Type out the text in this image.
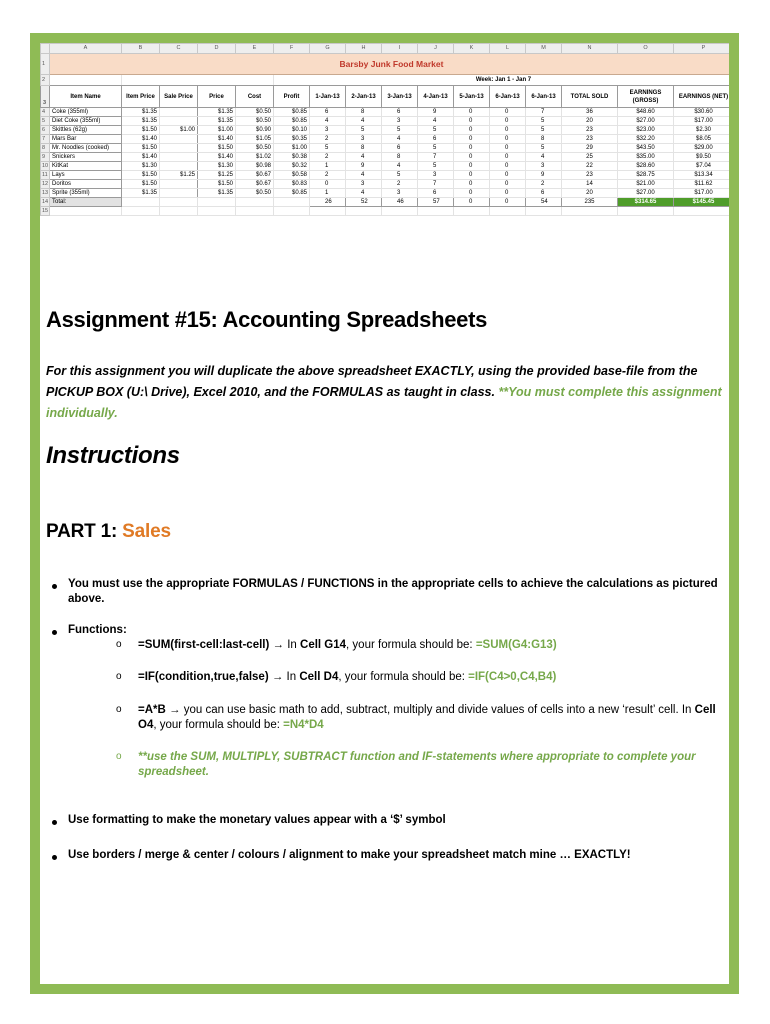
	A	B	C	D	E	F	G	H	I	J	K	L	M	N	O	P
1	Barsby Junk Food Market															
2						Week: Jan 1 - Jan 7										
3	Item Name	Item Price	Sale Price	Price	Cost	Profit	1-Jan-13	2-Jan-13	3-Jan-13	4-Jan-13	5-Jan-13	6-Jan-13	6-Jan-13	TOTAL SOLD	EARNINGS (GROSS)	EARNINGS (NET)
4	Coke (355ml)	$1.35		$1.35	$0.50	$0.85	6	8	6	9	0	0	7	36	$48.60	$30.60
5	Diet Coke (355ml)	$1.35		$1.35	$0.50	$0.85	4	4	3	4	0	0	5	20	$27.00	$17.00
6	Skittles (62g)	$1.50	$1.00	$1.00	$0.90	$0.10	3	5	5	5	0	0	5	23	$23.00	$2.30
7	Mars Bar	$1.40		$1.40	$1.05	$0.35	2	3	4	6	0	0	8	23	$32.20	$8.05
8	Mr. Noodles (cooked)	$1.50		$1.50	$0.50	$1.00	5	8	6	5	0	0	5	29	$43.50	$29.00
9	Snickers	$1.40		$1.40	$1.02	$0.38	2	4	8	7	0	0	4	25	$35.00	$9.50
10	KitKat	$1.30		$1.30	$0.98	$0.32	1	9	4	5	0	0	3	22	$28.60	$7.04
11	Lays	$1.50	$1.25	$1.25	$0.67	$0.58	2	4	5	3	0	0	9	23	$28.75	$13.34
12	Doritos	$1.50		$1.50	$0.67	$0.83	0	3	2	7	0	0	2	14	$21.00	$11.62
13	Sprite (355ml)	$1.35		$1.35	$0.50	$0.85	1	4	3	6	0	0	6	20	$27.00	$17.00
14	Total:						26	52	46	57	0	0	54	235	$314.65	$145.45
15																
Assignment #15: Accounting Spreadsheets
For this assignment you will duplicate the above spreadsheet EXACTLY, using the provided base-file from the PICKUP BOX (U:\ Drive), Excel 2010, and the FORMULAS as taught in class. **You must complete this assignment individually.
Instructions
PART 1: Sales
You must use the appropriate FORMULAS / FUNCTIONS in the appropriate cells to achieve the calculations as pictured above.
Functions:
o =SUM(first-cell:last-cell) → In Cell G14, your formula should be: =SUM(G4:G13)
o =IF(condition,true,false) → In Cell D4, your formula should be: =IF(C4>0,C4,B4)
o =A*B → you can use basic math to add, subtract, multiply and divide values of cells into a new ‘result’ cell. In Cell O4, your formula should be: =N4*D4
o **use the SUM, MULTIPLY, SUBTRACT function and IF-statements where appropriate to complete your spreadsheet.
Use formatting to make the monetary values appear with a ‘$’ symbol
Use borders / merge & center / colours / alignment to make your spreadsheet match mine … EXACTLY!
